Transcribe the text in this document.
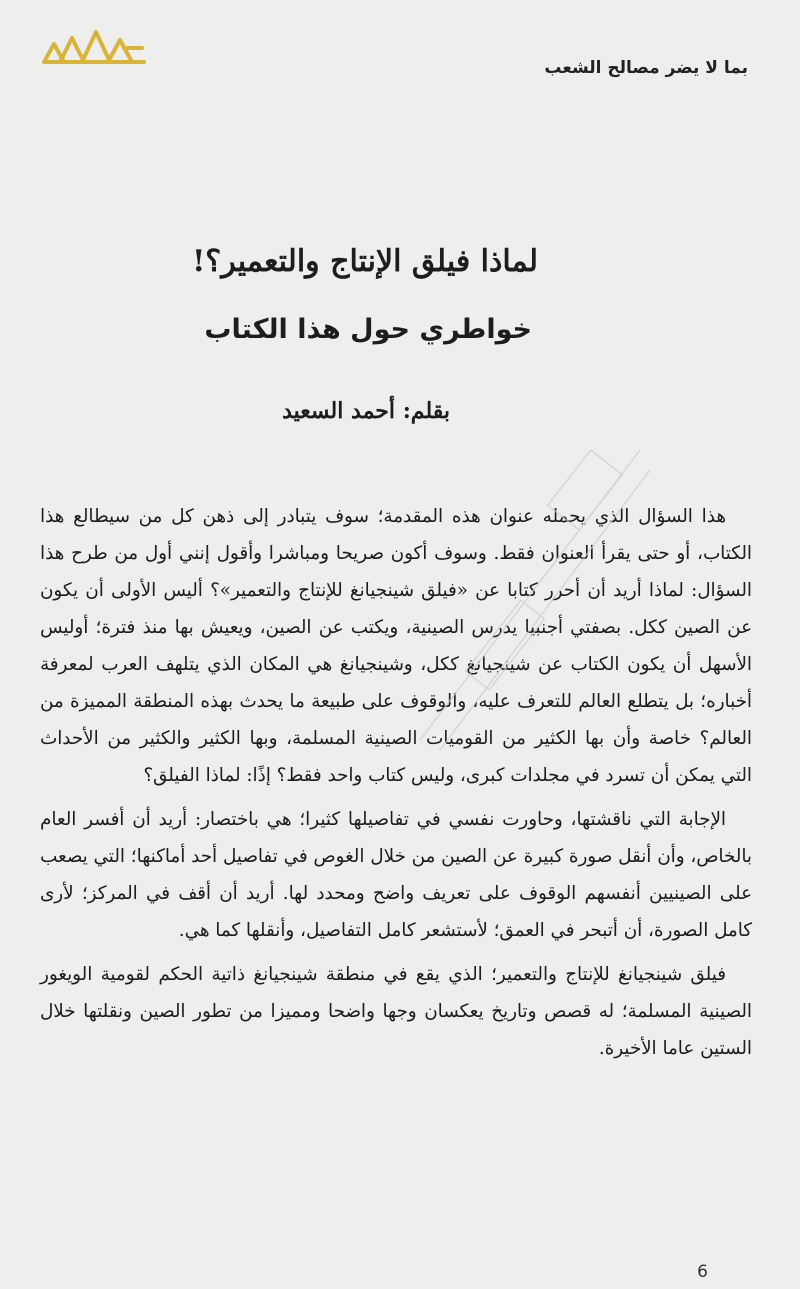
بما لا يضر مصالح الشعب
لماذا فيلق الإنتاج والتعمير؟!
خواطري حول هذا الكتاب
بقلم: أحمد السعيد

هذا السؤال الذي يحمله عنوان هذه المقدمة؛ سوف يتبادر إلى ذهن كل من سيطالع هذا الكتاب، أو حتى يقرأ العنوان فقط. وسوف أكون صريحا ومباشرا وأقول إنني أول من طرح هذا السؤال: لماذا أريد أن أحرر كتابا عن «فيلق شينجيانغ للإنتاج والتعمير»؟ أليس الأولى أن يكون عن الصين ككل. بصفتي أجنبيا يدرس الصينية، ويكتب عن الصين، ويعيش بها منذ فترة؛ أوليس الأسهل أن يكون الكتاب عن شينجيانغ ككل، وشينجيانغ هي المكان الذي يتلهف العرب لمعرفة أخباره؛ بل يتطلع العالم للتعرف عليه، والوقوف على طبيعة ما يحدث بهذه المنطقة المميزة من العالم؟ خاصة وأن بها الكثير من القوميات الصينية المسلمة، وبها الكثير والكثير من الأحداث التي يمكن أن تسرد في مجلدات كبرى، وليس كتاب واحد فقط؟ إذًا: لماذا الفيلق؟

الإجابة التي ناقشتها، وحاورت نفسي في تفاصيلها كثيرا؛ هي باختصار: أريد أن أفسر العام بالخاص، وأن أنقل صورة كبيرة عن الصين من خلال الغوص في تفاصيل أحد أماكنها؛ التي يصعب على الصينيين أنفسهم الوقوف على تعريف واضح ومحدد لها. أريد أن أقف في المركز؛ لأرى كامل الصورة، أن أتبحر في العمق؛ لأستشعر كامل التفاصيل، وأنقلها كما هي.

فيلق شينجيانغ للإنتاج والتعمير؛ الذي يقع في منطقة شينجيانغ ذاتية الحكم لقومية الويغور الصينية المسلمة؛ له قصص وتاريخ يعكسان وجها واضحا ومميزا من تطور الصين ونقلتها خلال الستين عاما الأخيرة.

6
